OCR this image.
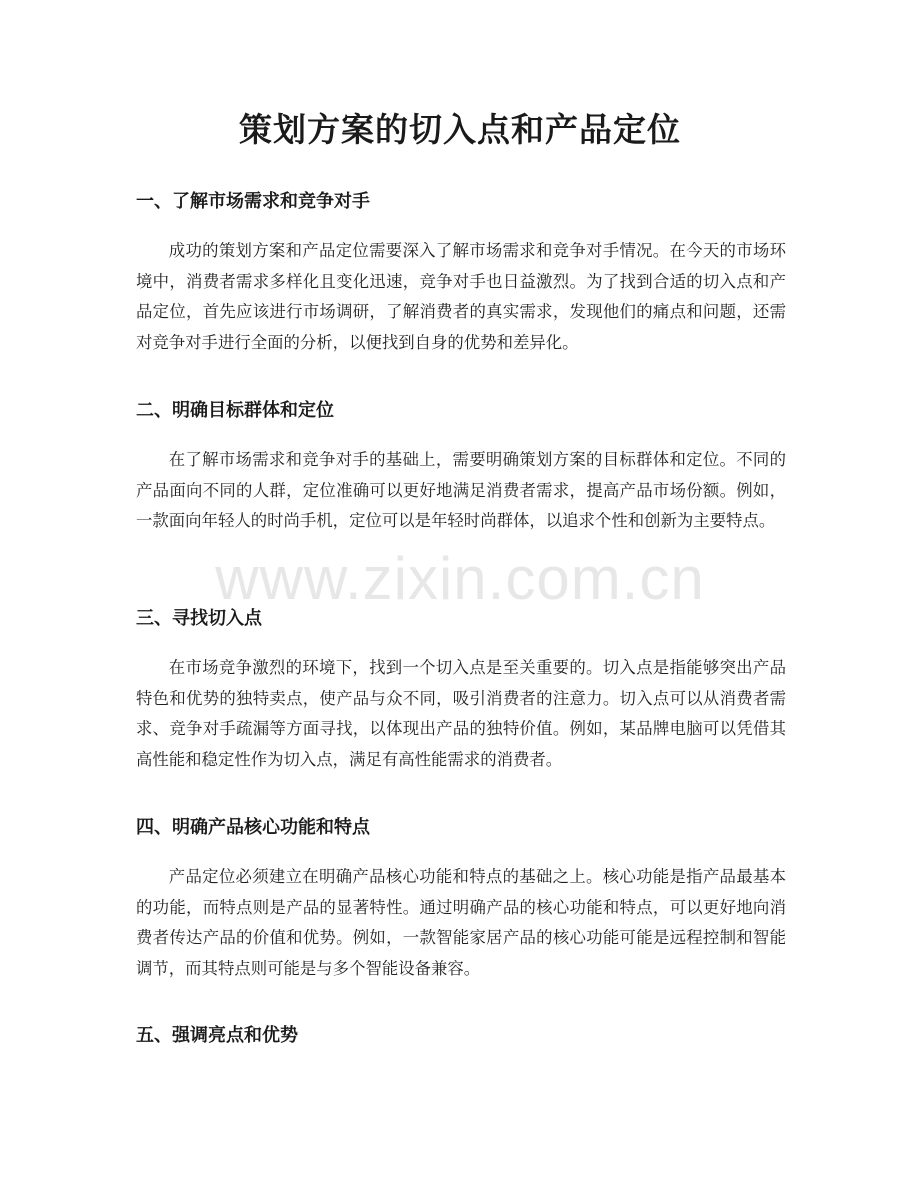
策划方案的切入点和产品定位
一、了解市场需求和竞争对手

成功的策划方案和产品定位需要深入了解市场需求和竞争对手情况。在今天的市场环境中，消费者需求多样化且变化迅速，竞争对手也日益激烈。为了找到合适的切入点和产品定位，首先应该进行市场调研，了解消费者的真实需求，发现他们的痛点和问题，还需对竞争对手进行全面的分析，以便找到自身的优势和差异化。

二、明确目标群体和定位

在了解市场需求和竞争对手的基础上，需要明确策划方案的目标群体和定位。不同的产品面向不同的人群，定位准确可以更好地满足消费者需求，提高产品市场份额。例如，一款面向年轻人的时尚手机，定位可以是年轻时尚群体，以追求个性和创新为主要特点。

三、寻找切入点

在市场竞争激烈的环境下，找到一个切入点是至关重要的。切入点是指能够突出产品特色和优势的独特卖点，使产品与众不同，吸引消费者的注意力。切入点可以从消费者需求、竞争对手疏漏等方面寻找，以体现出产品的独特价值。例如，某品牌电脑可以凭借其高性能和稳定性作为切入点，满足有高性能需求的消费者。

四、明确产品核心功能和特点

产品定位必须建立在明确产品核心功能和特点的基础之上。核心功能是指产品最基本的功能，而特点则是产品的显著特性。通过明确产品的核心功能和特点，可以更好地向消费者传达产品的价值和优势。例如，一款智能家居产品的核心功能可能是远程控制和智能调节，而其特点则可能是与多个智能设备兼容。

五、强调亮点和优势
www.zixin.com.cn
